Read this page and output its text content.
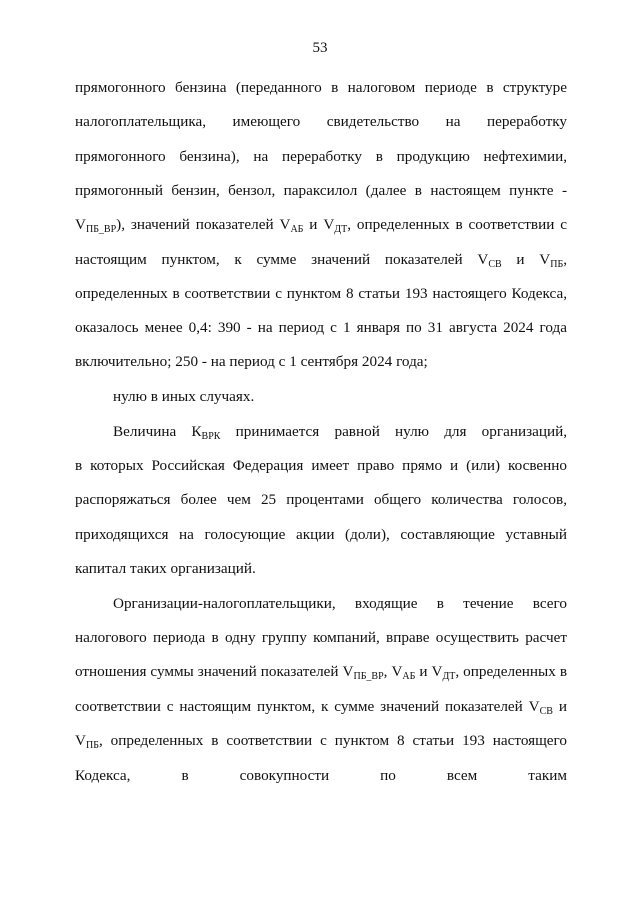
53
прямогонного бензина (переданного в налоговом периоде в структуре
налогоплательщика, имеющего свидетельство на переработку
прямогонного бензина), на переработку в продукцию нефтехимии,
прямогонный бензин, бензол, параксилол (далее в настоящем пункте -
$V_{ПБ\_ВР}$), значений показателей $V_{АБ}$ и $V_{ДТ}$, определенных в соответствии с
настоящим пунктом, к сумме значений показателей $V_{СВ}$ и $V_{ПБ}$,
определенных в соответствии с пунктом 8 статьи 193 настоящего Кодекса,
оказалось менее 0,4: 390 - на период с 1 января по 31 августа 2024 года
включительно; 250 - на период с 1 сентября 2024 года;
нулю в иных случаях.
Величина $К_{ВРК}$ принимается равной нулю для организаций,
в которых Российская Федерация имеет право прямо и (или) косвенно
распоряжаться более чем 25 процентами общего количества голосов,
приходящихся на голосующие акции (доли), составляющие уставный
капитал таких организаций.
Организации-налогоплательщики, входящие в течение всего
налогового периода в одну группу компаний, вправе осуществить расчет
отношения суммы значений показателей $V_{ПБ\_ВР}$, $V_{АБ}$ и $V_{ДТ}$, определенных в
соответствии с настоящим пунктом, к сумме значений показателей $V_{СВ}$ и
$V_{ПБ}$, определенных в соответствии с пунктом 8 статьи 193 настоящего
Кодекса, в совокупности по всем таким
